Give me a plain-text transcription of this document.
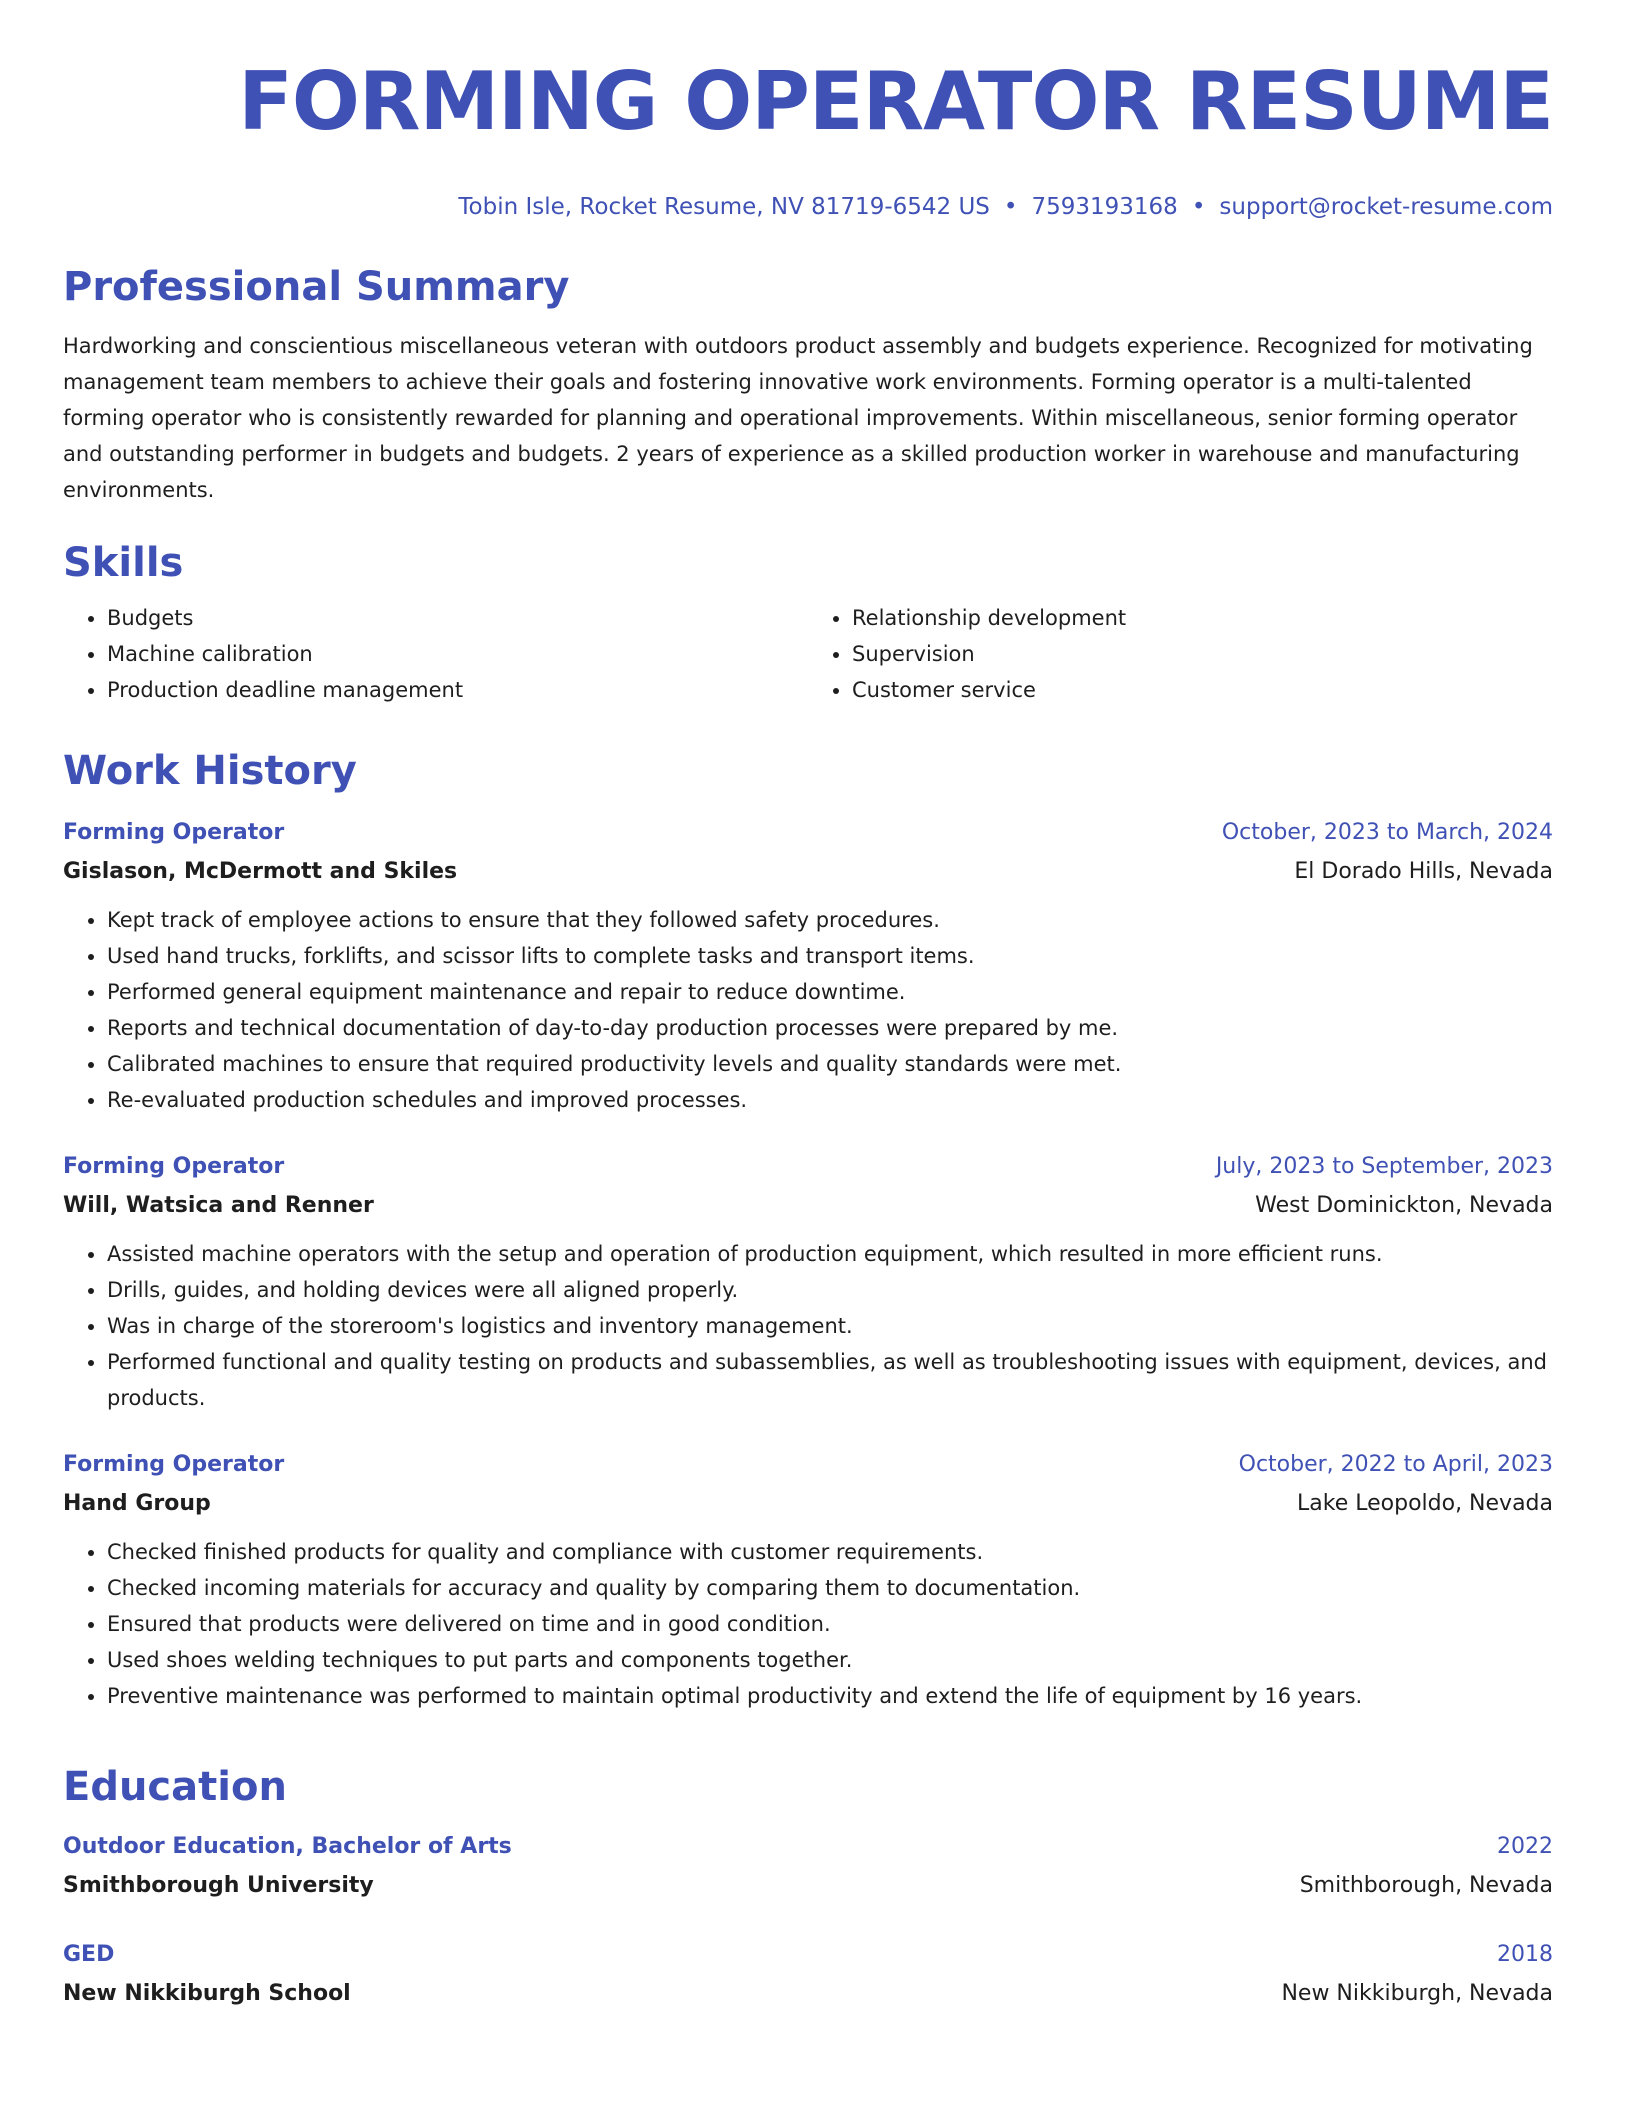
FORMING OPERATOR RESUME
Tobin Isle, Rocket Resume, NV 81719-6542 US • 7593193168 • support@rocket-resume.com
Professional Summary
Hardworking and conscientious miscellaneous veteran with outdoors product assembly and budgets experience. Recognized for motivating management team members to achieve their goals and fostering innovative work environments. Forming operator is a multi-talented forming operator who is consistently rewarded for planning and operational improvements. Within miscellaneous, senior forming operator and outstanding performer in budgets and budgets. 2 years of experience as a skilled production worker in warehouse and manufacturing environments.
Skills
• Budgets
• Machine calibration
• Production deadline management
• Relationship development
• Supervision
• Customer service
Work History
Forming Operator	October, 2023 to March, 2024
Gislason, McDermott and Skiles	El Dorado Hills, Nevada
• Kept track of employee actions to ensure that they followed safety procedures.
• Used hand trucks, forklifts, and scissor lifts to complete tasks and transport items.
• Performed general equipment maintenance and repair to reduce downtime.
• Reports and technical documentation of day-to-day production processes were prepared by me.
• Calibrated machines to ensure that required productivity levels and quality standards were met.
• Re-evaluated production schedules and improved processes.
Forming Operator	July, 2023 to September, 2023
Will, Watsica and Renner	West Dominickton, Nevada
• Assisted machine operators with the setup and operation of production equipment, which resulted in more efficient runs.
• Drills, guides, and holding devices were all aligned properly.
• Was in charge of the storeroom's logistics and inventory management.
• Performed functional and quality testing on products and subassemblies, as well as troubleshooting issues with equipment, devices, and products.
Forming Operator	October, 2022 to April, 2023
Hand Group	Lake Leopoldo, Nevada
• Checked finished products for quality and compliance with customer requirements.
• Checked incoming materials for accuracy and quality by comparing them to documentation.
• Ensured that products were delivered on time and in good condition.
• Used shoes welding techniques to put parts and components together.
• Preventive maintenance was performed to maintain optimal productivity and extend the life of equipment by 16 years.
Education
Outdoor Education, Bachelor of Arts	2022
Smithborough University	Smithborough, Nevada
GED	2018
New Nikkiburgh School	New Nikkiburgh, Nevada
